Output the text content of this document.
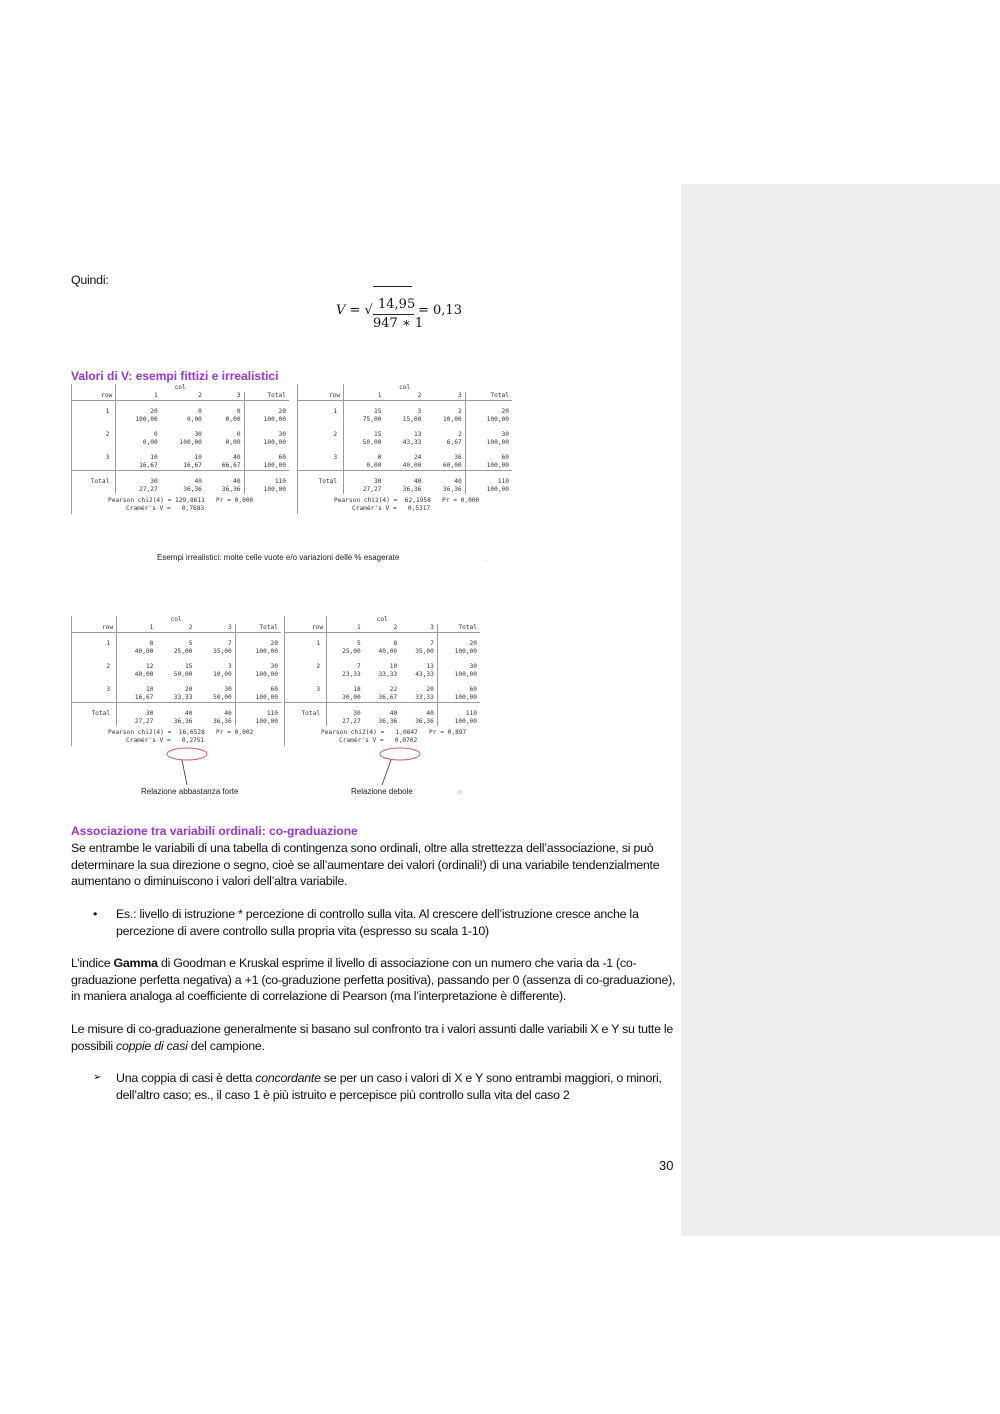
Quindi:
V = √ 14,95
947 ∗ 1
= 0,13
Valori di V: esempi fittizi e irrealistici
	col			
row	1	2	3	Total

1	20	0	0	20
	100,00	0,00	0,00	100,00

2	0	30	0	30
	0,00	100,00	0,00	100,00

3	10	10	40	60
	16,67	16,67	66,67	100,00

Total	30	40	40	110
	27,27	36,36	36,36	100,00
Pearson chi2(4) = 129,8611   Pr = 0,000
Cramér's V =   0,7683
	col			
row	1	2	3	Total

1	15	3	2	20
	75,00	15,00	10,00	100,00

2	15	13	2	30
	50,00	43,33	6,67	100,00

3	0	24	36	60
	0,00	40,00	60,00	100,00

Total	30	40	40	110
	27,27	36,36	36,36	100,00
Pearson chi2(4) =  62,1958   Pr = 0,000
Cramér's V =   0,5317
	col			
row	1	2	3	Total

1	8	5	7	20
	40,00	25,00	35,00	100,00

2	12	15	3	30
	40,00	50,00	10,00	100,00

3	10	20	30	60
	16,67	33,33	50,00	100,00

Total	30	40	40	110
	27,27	36,36	36,36	100,00
Pearson chi2(4) =  16,6528   Pr = 0,002
Cramér's V =   0,2751
	col			
row	1	2	3	Total

1	5	8	7	20
	25,00	40,00	35,00	100,00

2	7	10	13	30
	23,33	33,33	43,33	100,00

3	18	22	20	60
	30,00	36,67	33,33	100,00

Total	30	40	40	110
	27,27	36,36	36,36	100,00
Pearson chi2(4) =   1,0847   Pr = 0,897
Cramér's V =   0,0702
Esempi irrealistici: molte celle vuote e/o variazioni delle % esagerate	...
Relazione abbastanza forte	Relazione debole	28
Associazione tra variabili ordinali: co-graduazione
Se entrambe le variabili di una tabella di contingenza sono ordinali, oltre alla strettezza dell’associazione, si può determinare la sua direzione o segno, cioè se all’aumentare dei valori (ordinali!) di una variabile tendenzialmente aumentano o diminuiscono i valori dell’altra variabile.
• Es.: livello di istruzione * percezione di controllo sulla vita. Al crescere dell’istruzione cresce anche la percezione di avere controllo sulla propria vita (espresso su scala 1-10)
L’indice Gamma di Goodman e Kruskal esprime il livello di associazione con un numero che varia da -1 (co-graduazione perfetta negativa) a +1 (co-graduzione perfetta positiva), passando per 0 (assenza di co-graduazione), in maniera analoga al coefficiente di correlazione di Pearson (ma l’interpretazione è differente).
Le misure di co-graduazione generalmente si basano sul confronto tra i valori assunti dalle variabili X e Y su tutte le possibili coppie di casi del campione.
➢ Una coppia di casi è detta concordante se per un caso i valori di X e Y sono entrambi maggiori, o minori, dell’altro caso; es., il caso 1 è più istruito e percepisce più controllo sulla vita del caso 2
30
